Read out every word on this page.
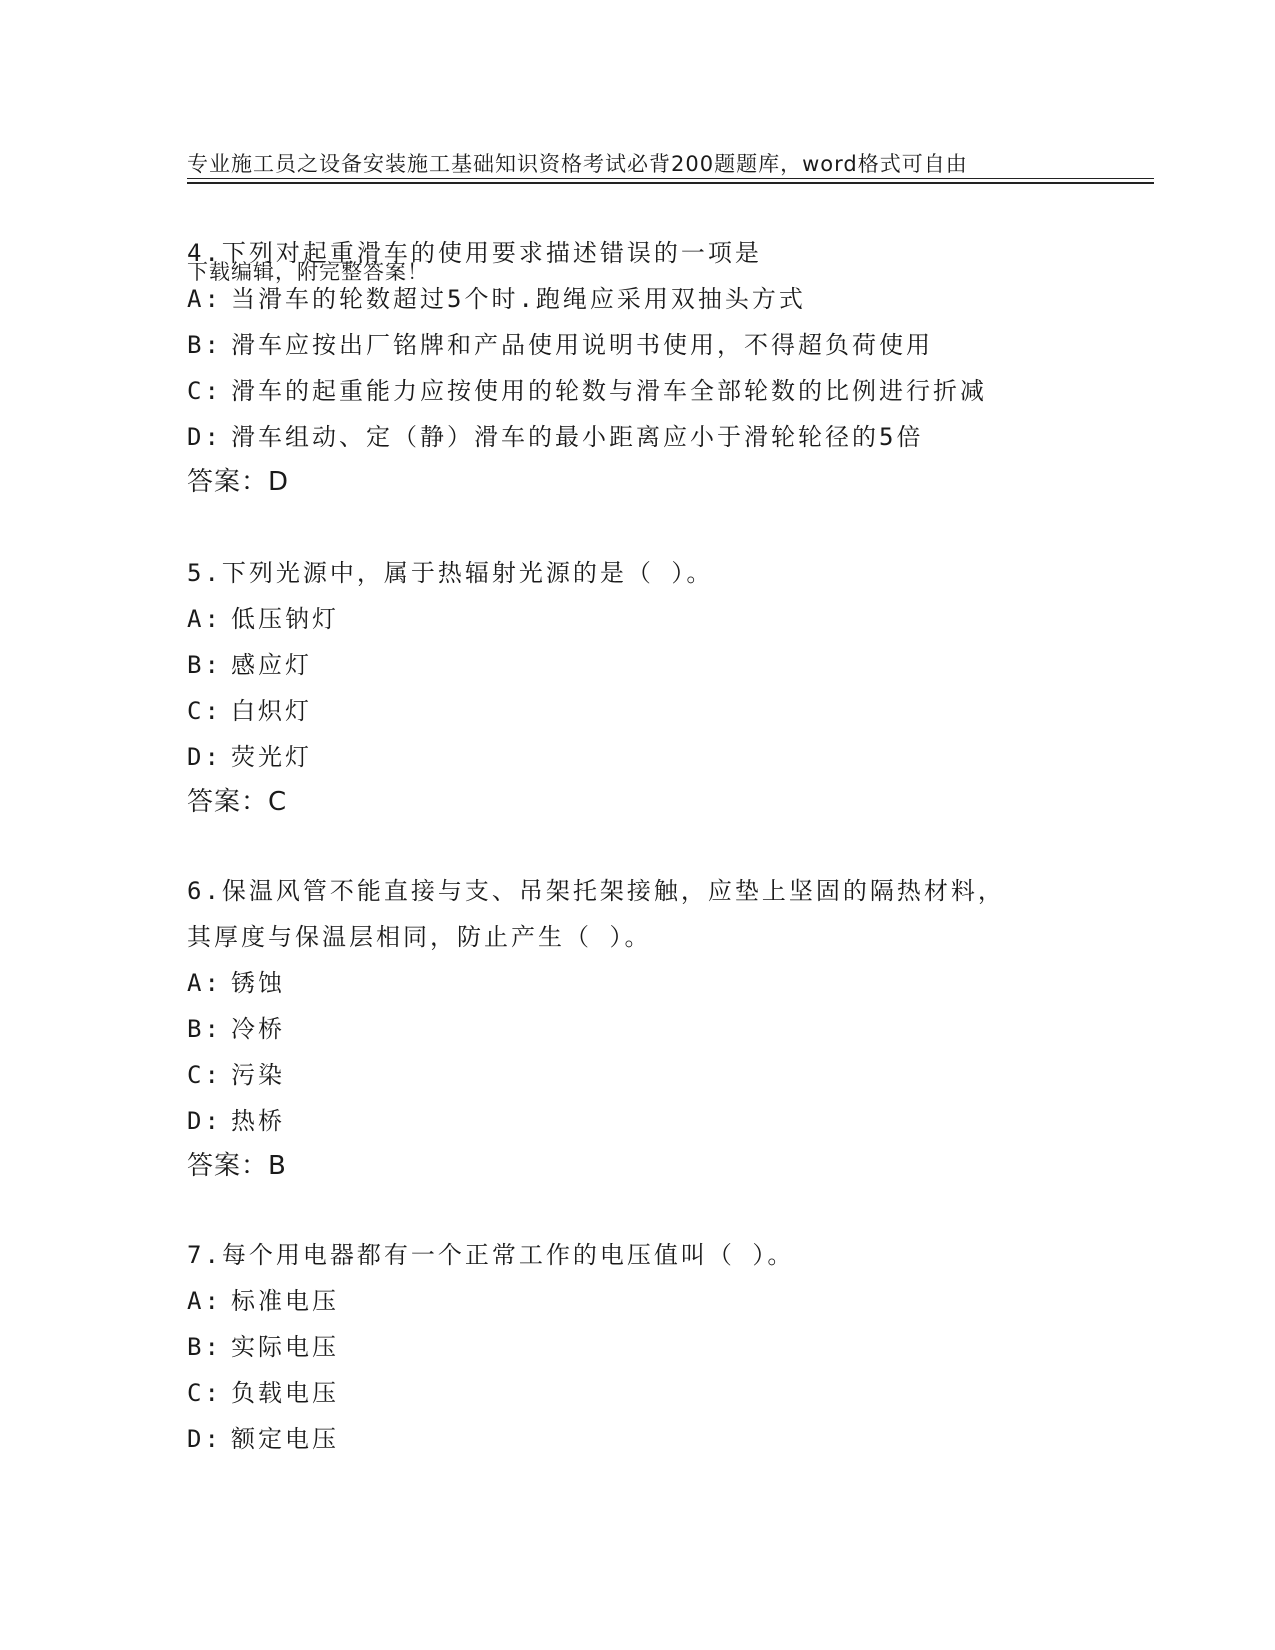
专业施工员之设备安装施工基础知识资格考试必背200题题库，word格式可自由

下载编辑，附完整答案！

4.下列对起重滑车的使用要求描述错误的一项是
A: 当滑车的轮数超过5个时.跑绳应采用双抽头方式
B: 滑车应按出厂铭牌和产品使用说明书使用，不得超负荷使用
C: 滑车的起重能力应按使用的轮数与滑车全部轮数的比例进行折减
D: 滑车组动、定（静）滑车的最小距离应小于滑轮轮径的5倍
答案：D
5.下列光源中，属于热辐射光源的是（ ）。
A: 低压钠灯
B: 感应灯
C: 白炽灯
D: 荧光灯
答案：C
6.保温风管不能直接与支、吊架托架接触，应垫上坚固的隔热材料，
其厚度与保温层相同，防止产生（ ）。
A: 锈蚀
B: 冷桥
C: 污染
D: 热桥
答案：B
7.每个用电器都有一个正常工作的电压值叫（ ）。
A: 标准电压
B: 实际电压
C: 负载电压
D: 额定电压
